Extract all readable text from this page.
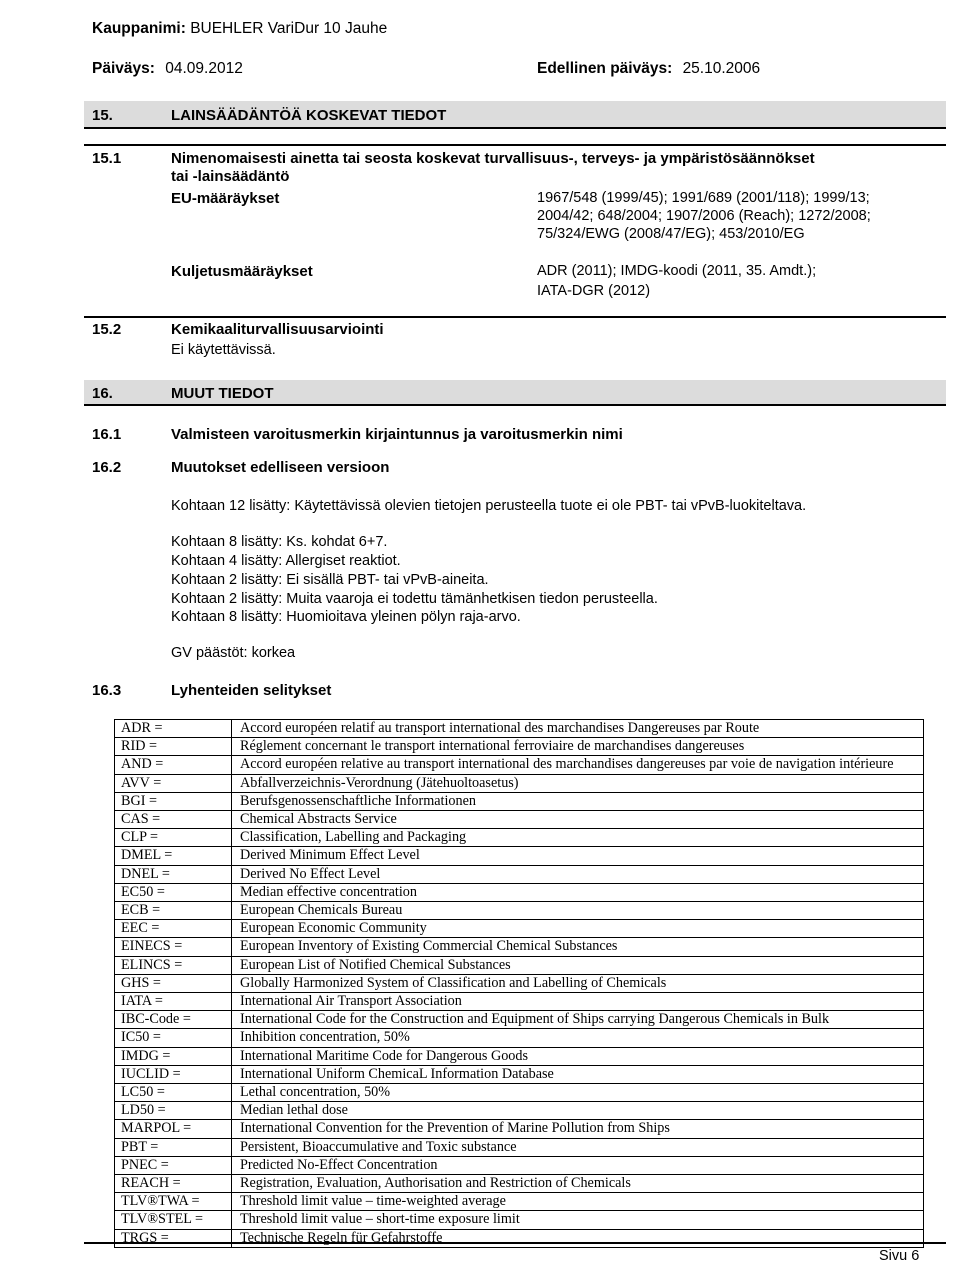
Kauppanimi: BUEHLER VariDur 10 Jauhe
Päiväys: 04.09.2012	Edellinen päiväys: 25.10.2006
15.	LAINSÄÄDÄNTÖÄ KOSKEVAT TIEDOT
15.1	Nimenomaisesti ainetta tai seosta koskevat turvallisuus-, terveys- ja ympäristösäännökset
tai -lainsäädäntö
EU-määräykset	1967/548 (1999/45); 1991/689 (2001/118); 1999/13;
2004/42; 648/2004; 1907/2006 (Reach); 1272/2008;
75/324/EWG (2008/47/EG); 453/2010/EG
Kuljetusmääräykset	ADR (2011); IMDG-koodi (2011, 35. Amdt.);
IATA-DGR (2012)
15.2	Kemikaaliturvallisuusarviointi
Ei käytettävissä.
16.	MUUT TIEDOT
16.1	Valmisteen varoitusmerkin kirjaintunnus ja varoitusmerkin nimi
16.2	Muutokset edelliseen versioon
Kohtaan 12 lisätty: Käytettävissä olevien tietojen perusteella tuote ei ole PBT- tai vPvB-luokiteltava.
Kohtaan 8 lisätty: Ks. kohdat 6+7.
Kohtaan 4 lisätty: Allergiset reaktiot.
Kohtaan 2 lisätty: Ei sisällä PBT- tai vPvB-aineita.
Kohtaan 2 lisätty: Muita vaaroja ei todettu tämänhetkisen tiedon perusteella.
Kohtaan 8 lisätty: Huomioitava yleinen pölyn raja-arvo.
GV päästöt: korkea
16.3	Lyhenteiden selitykset
ADR =	Accord européen relatif au transport international des marchandises Dangereuses par Route
RID =	Réglement concernant le transport international ferroviaire de marchandises dangereuses
AND =	Accord européen relative au transport international des marchandises dangereuses par voie de navigation intérieure
AVV =	Abfallverzeichnis-Verordnung (Jätehuoltoasetus)
BGI =	Berufsgenossenschaftliche Informationen
CAS =	Chemical Abstracts Service
CLP =	Classification, Labelling and Packaging
DMEL =	Derived Minimum Effect Level
DNEL =	Derived No Effect Level
EC50 =	Median effective concentration
ECB =	European Chemicals Bureau
EEC =	European Economic Community
EINECS =	European Inventory of Existing Commercial Chemical Substances
ELINCS =	European List of Notified Chemical Substances
GHS =	Globally Harmonized System of Classification and Labelling of Chemicals
IATA =	International Air Transport Association
IBC-Code =	International Code for the Construction and Equipment of Ships carrying Dangerous Chemicals in Bulk
IC50 =	Inhibition concentration, 50%
IMDG =	International Maritime Code for Dangerous Goods
IUCLID =	International Uniform ChemicaL Information Database
LC50 =	Lethal concentration, 50%
LD50 =	Median lethal dose
MARPOL =	International Convention for the Prevention of Marine Pollution from Ships
PBT =	Persistent, Bioaccumulative and Toxic substance
PNEC =	Predicted No-Effect Concentration
REACH =	Registration, Evaluation, Authorisation and Restriction of Chemicals
TLV®TWA =	Threshold limit value – time-weighted average
TLV®STEL =	Threshold limit value – short-time exposure limit
TRGS =	Technische Regeln für Gefahrstoffe
Sivu 6
